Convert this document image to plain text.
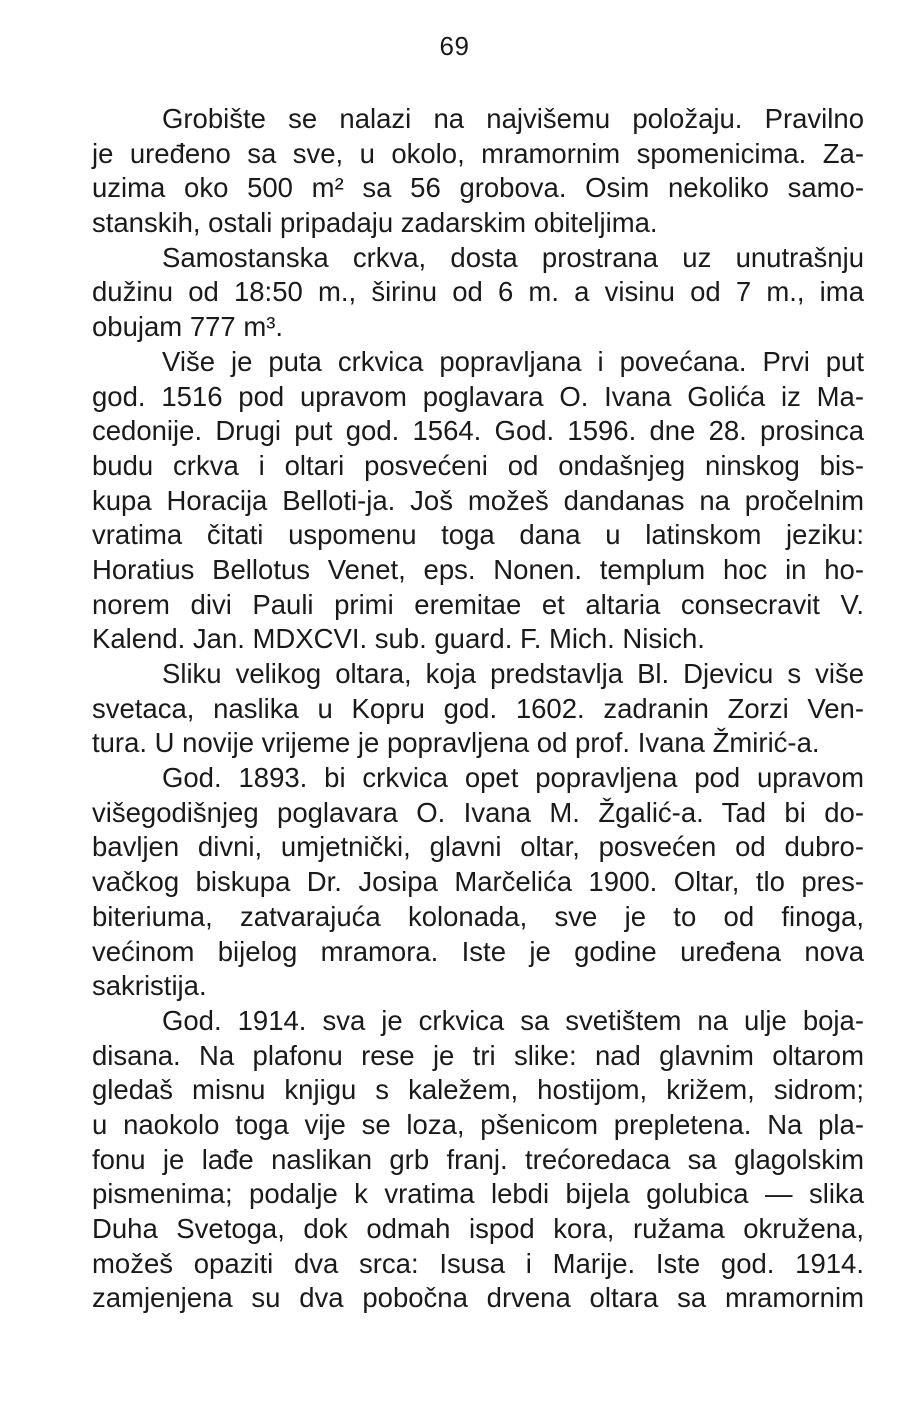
69
Grobište se nalazi na najvišemu položaju. Pravilno
je uređeno sa sve, u okolo, mramornim spomenicima. Za-
uzima oko 500 m² sa 56 grobova. Osim nekoliko samo-
stanskih, ostali pripadaju zadarskim obiteljima.
Samostanska crkva, dosta prostrana uz unutrašnju
dužinu od 18:50 m., širinu od 6 m. a visinu od 7 m., ima
obujam 777 m³.
Više je puta crkvica popravljana i povećana. Prvi put
god. 1516 pod upravom poglavara O. Ivana Golića iz Ma-
cedonije. Drugi put god. 1564. God. 1596. dne 28. prosinca
budu crkva i oltari posvećeni od ondašnjeg ninskog bis-
kupa Horacija Belloti-ja. Još možeš dandanas na pročelnim
vratima čitati uspomenu toga dana u latinskom jeziku:
Horatius Bellotus Venet, eps. Nonen. templum hoc in ho-
norem divi Pauli primi eremitae et altaria consecravit V.
Kalend. Jan. MDXCVI. sub. guard. F. Mich. Nisich.
Sliku velikog oltara, koja predstavlja Bl. Djevicu s više
svetaca, naslika u Kopru god. 1602. zadranin Zorzi Ven-
tura. U novije vrijeme je popravljena od prof. Ivana Žmirić-a.
God. 1893. bi crkvica opet popravljena pod upravom
višegodišnjeg poglavara O. Ivana M. Žgalić-a. Tad bi do-
bavljen divni, umjetnički, glavni oltar, posvećen od dubro-
vačkog biskupa Dr. Josipa Marčelića 1900. Oltar, tlo pres-
biteriuma, zatvarajuća kolonada, sve je to od finoga,
većinom bijelog mramora. Iste je godine uređena nova
sakristija.
God. 1914. sva je crkvica sa svetištem na ulje boja-
disana. Na plafonu rese je tri slike: nad glavnim oltarom
gledaš misnu knjigu s kaležem, hostijom, križem, sidrom;
u naokolo toga vije se loza, pšenicom prepletena. Na pla-
fonu je lađe naslikan grb franj. trećoredaca sa glagolskim
pismenima; podalje k vratima lebdi bijela golubica — slika
Duha Svetoga, dok odmah ispod kora, ružama okružena,
možeš opaziti dva srca: Isusa i Marije. Iste god. 1914.
zamjenjena su dva pobočna drvena oltara sa mramornim
